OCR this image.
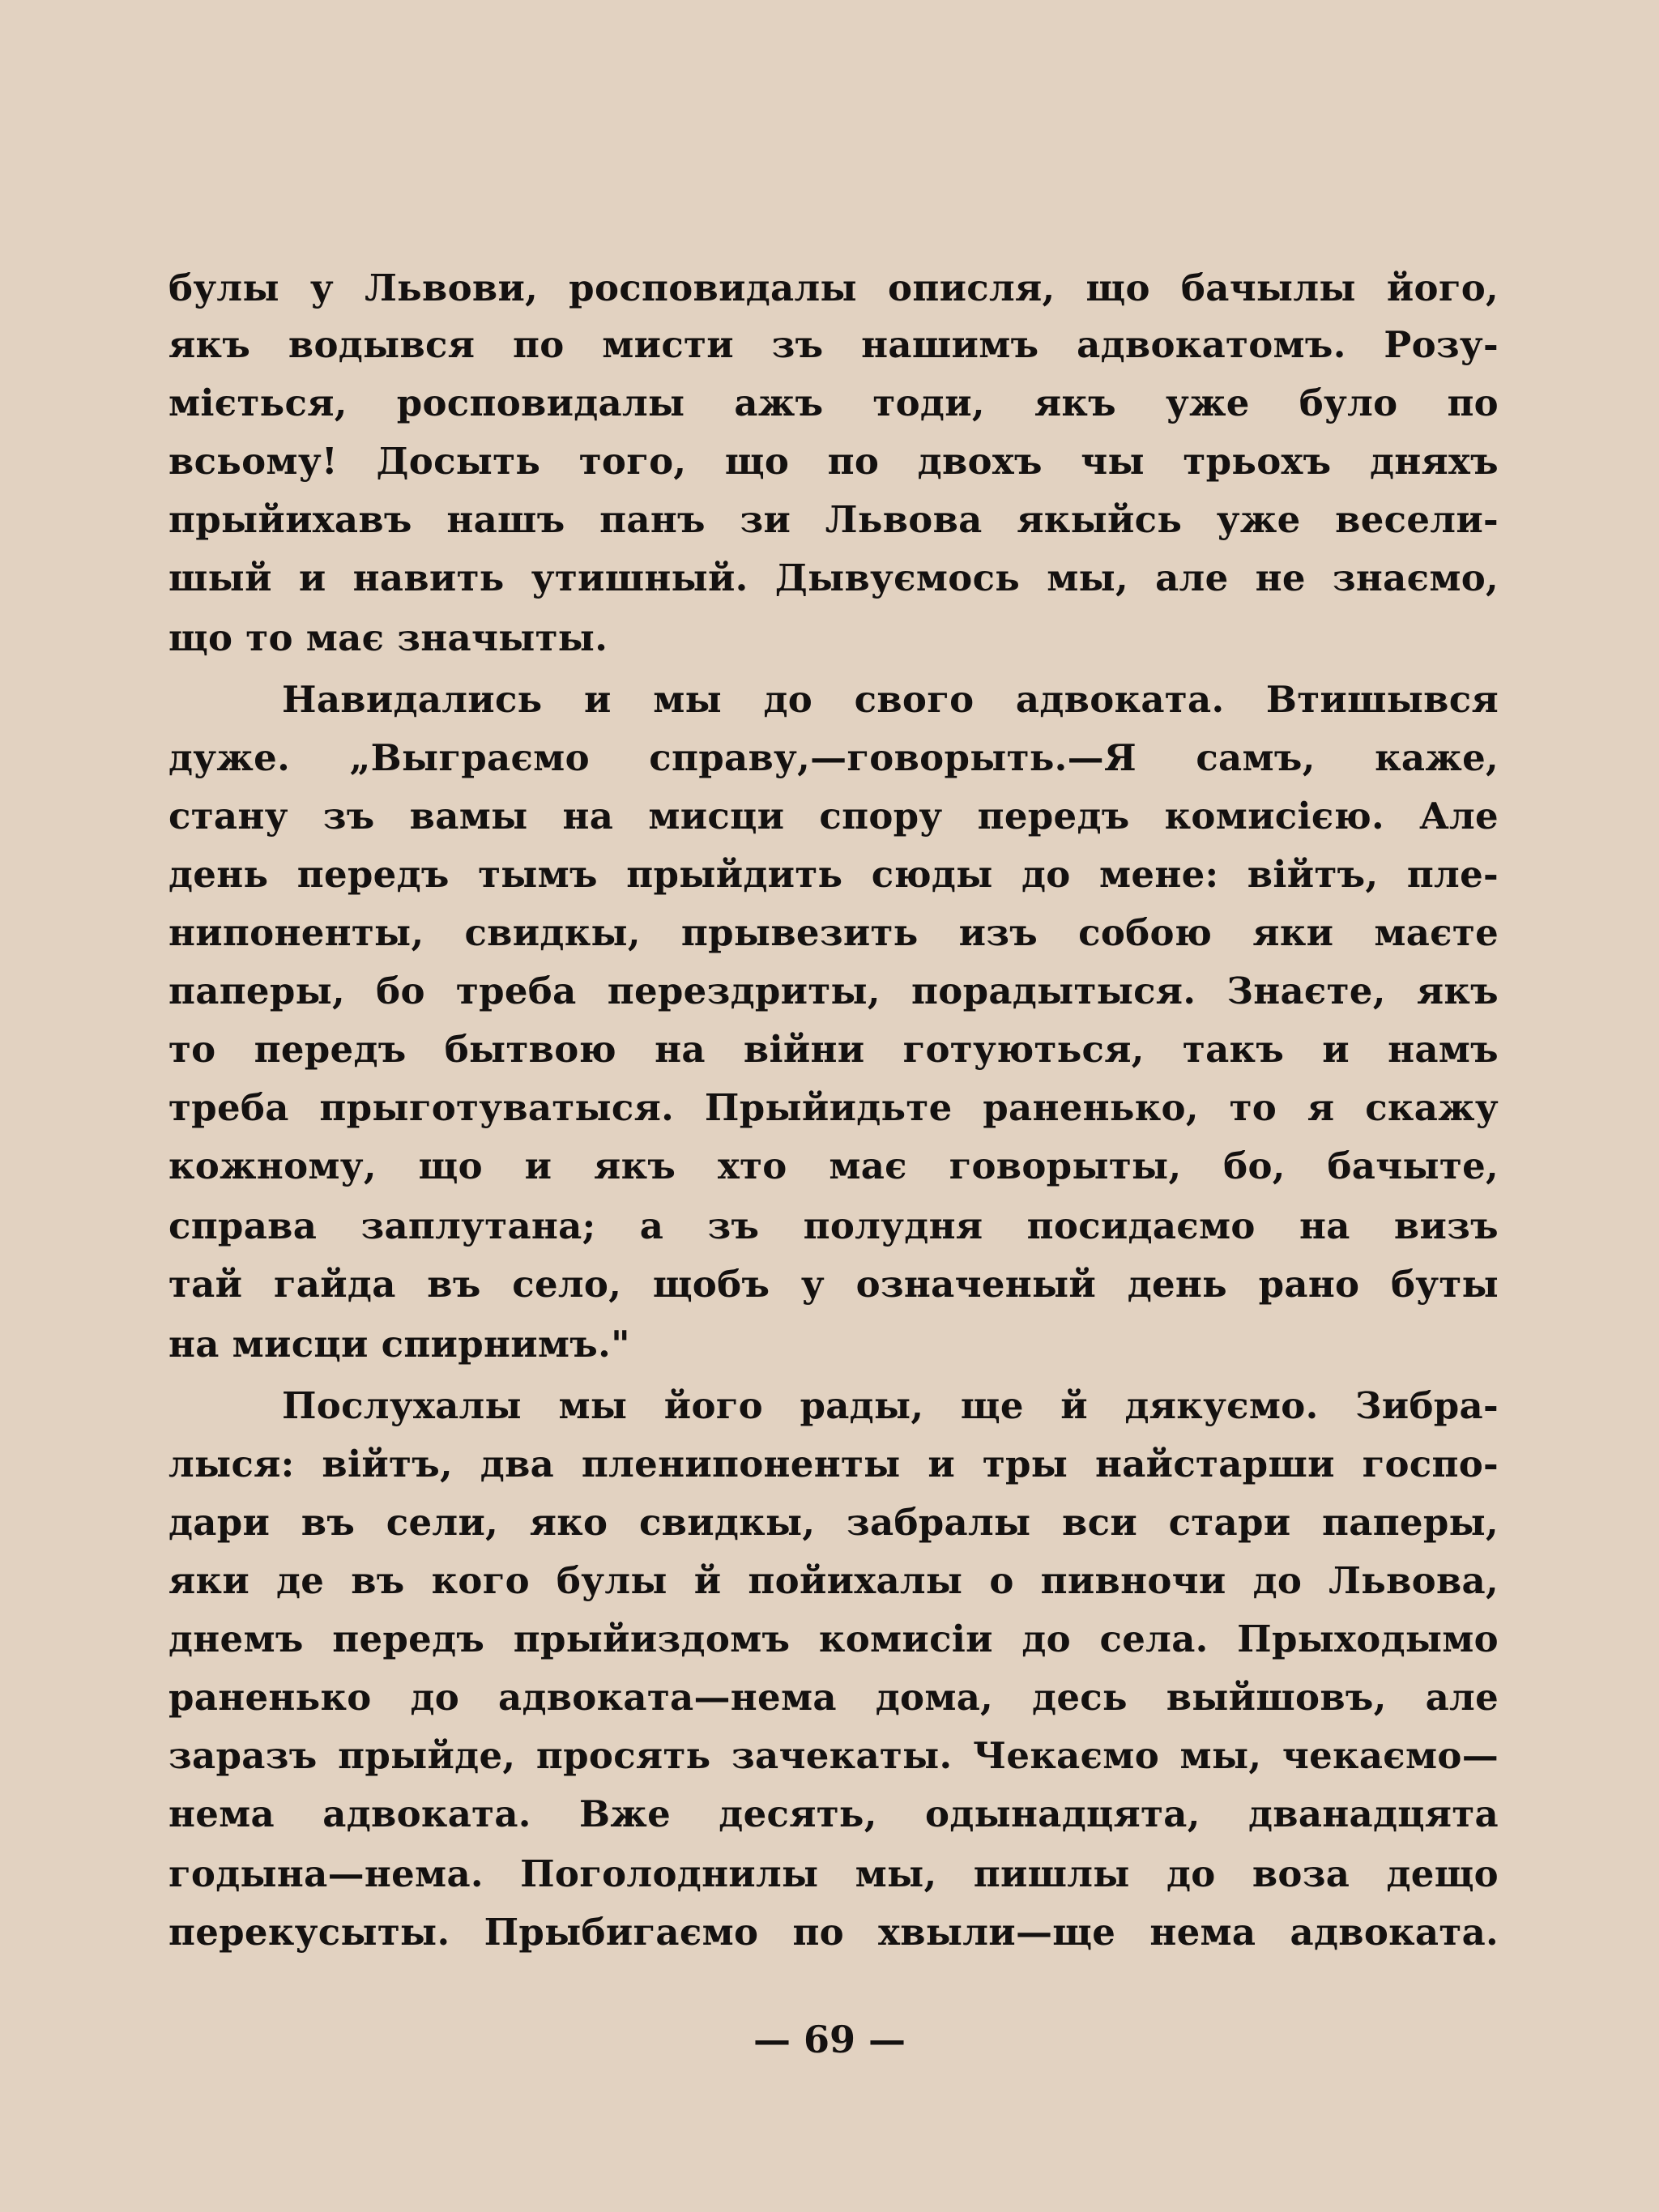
булы у Львови, росповидалы описля, що бачылы його,
якъ водывся по мисти зъ нашимъ адвокатомъ. Розу-
міється, росповидалы ажъ тоди, якъ уже було по
всьому! Досыть того, що по двохъ чы трьохъ дняхъ
прыйихавъ нашъ панъ зи Львова якыйсь уже весели-
шый и навить утишный. Дывуємось мы, але не знаємо,
що то має значыты.
Навидались и мы до свого адвоката. Втишывся
дуже. „Выграємо справу,—говорыть.—Я самъ, каже,
стану зъ вамы на мисци спору передъ комисією. Але
день передъ тымъ прыйдить сюды до мене: війтъ, пле-
нипоненты, свидкы, прывезить изъ собою яки маєте
паперы, бо треба перездриты, порадытыся. Знаєте, якъ
то передъ бытвою на війни готуються, такъ и намъ
треба прыготуватыся. Прыйидьте раненько, то я скажу
кожному, що и якъ хто має говорыты, бо, бачыте,
справа заплутана; а зъ полудня посидаємо на визъ
тай гайда въ село, щобъ у означеный день рано буты
на мисци спирнимъ."
Послухалы мы його рады, ще й дякуємо. Зибра-
лыся: війтъ, два пленипоненты и тры найстарши госпо-
дари въ сели, яко свидкы, забралы вси стари паперы,
яки де въ кого булы й пойихалы о пивночи до Львова,
днемъ передъ прыйиздомъ комисіи до села. Прыходымо
раненько до адвоката—нема дома, десь выйшовъ, але
заразъ прыйде, просять зачекаты. Чекаємо мы, чекаємо—
нема адвоката. Вже десять, одынадцята, дванадцята
годына—нема. Поголоднилы мы, пишлы до воза дещо
перекусыты. Прыбигаємо по хвыли—ще нема адвоката.
— 69 —
